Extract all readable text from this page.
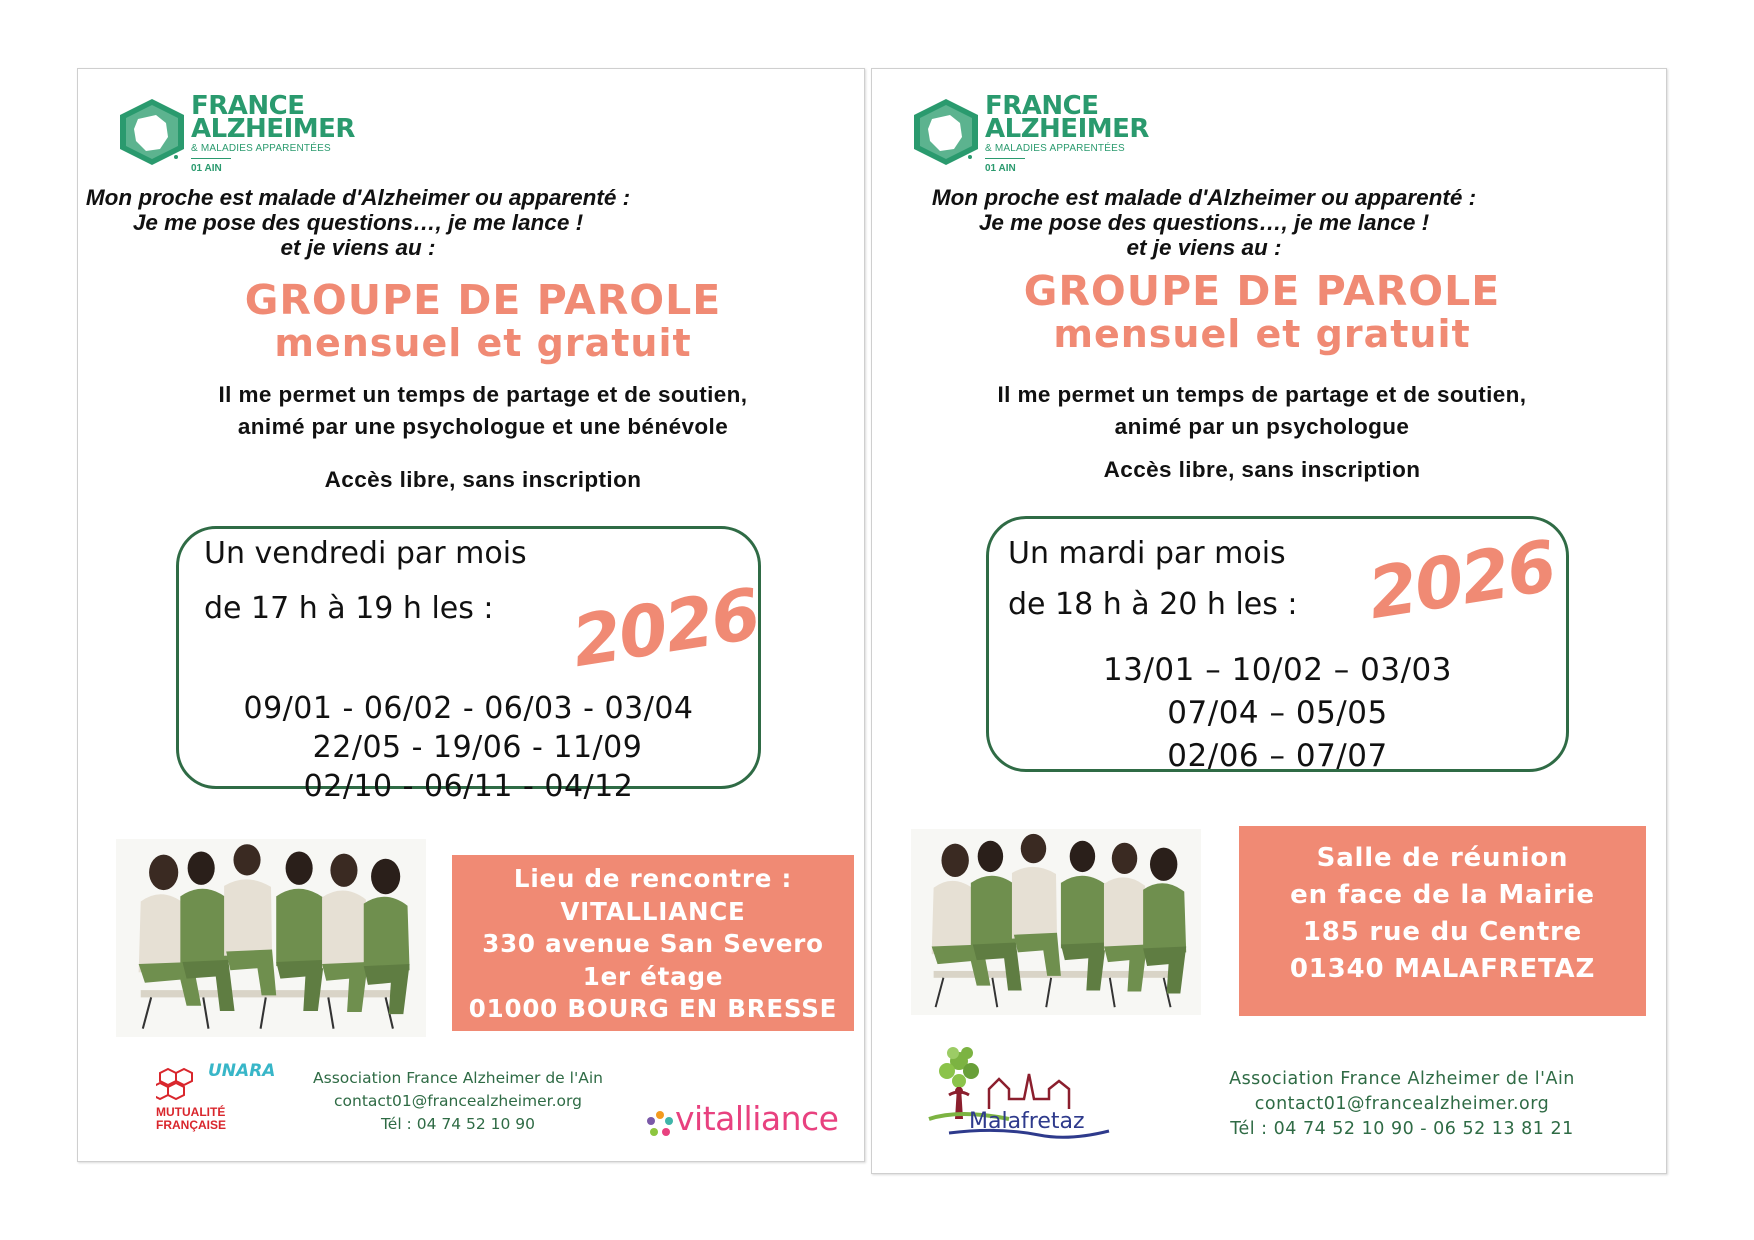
FRANCE
ALZHEIMER
& MALADIES APPARENTÉES
01 AIN
Mon proche est malade d'Alzheimer ou apparenté :
Je me pose des questions…, je me lance !
et je viens au :
GROUPE DE PAROLE
mensuel et gratuit
Il me permet un temps de partage et de soutien,
animé par une psychologue et une bénévole
Accès libre, sans inscription
Un vendredi par mois
de 17 h à 19 h les : 2026
09/01 - 06/02 - 06/03 - 03/04
22/05 - 19/06 - 11/09
02/10 - 06/11 - 04/12
Lieu de rencontre :
VITALLIANCE
330 avenue San Severo
1er étage
01000 BOURG EN BRESSE
UNARA
MUTUALITÉ
FRANÇAISE
Association France Alzheimer de l'Ain
contact01@francealzheimer.org
Tél : 04 74 52 10 90	vitalliance
FRANCE
ALZHEIMER
& MALADIES APPARENTÉES
01 AIN
Mon proche est malade d'Alzheimer ou apparenté :
Je me pose des questions…, je me lance !
et je viens au :
GROUPE DE PAROLE
mensuel et gratuit
Il me permet un temps de partage et de soutien,
animé par un psychologue
Accès libre, sans inscription
Un mardi par mois
de 18 h à 20 h les : 2026
13/01 – 10/02 – 03/03
07/04 – 05/05
02/06 – 07/07
Salle de réunion
en face de la Mairie
185 rue du Centre
01340 MALAFRETAZ
Malafretaz
Association France Alzheimer de l'Ain
contact01@francealzheimer.org
Tél : 04 74 52 10 90 - 06 52 13 81 21
